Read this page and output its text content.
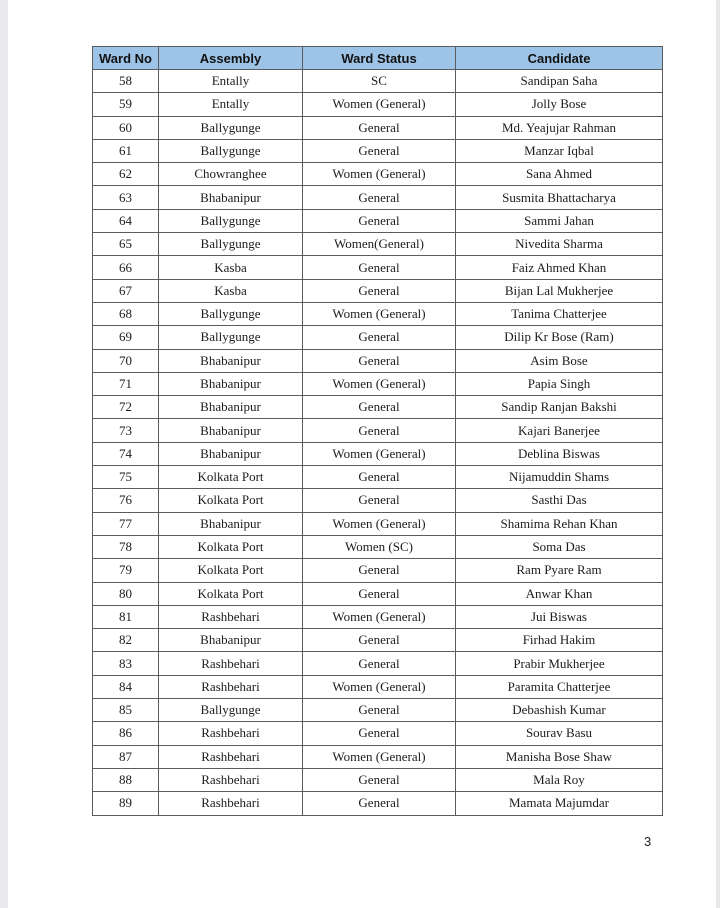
Ward No	Assembly	Ward Status	Candidate
58	Entally	SC	Sandipan Saha
59	Entally	Women (General)	Jolly Bose
60	Ballygunge	General	Md. Yeajujar Rahman
61	Ballygunge	General	Manzar Iqbal
62	Chowranghee	Women (General)	Sana Ahmed
63	Bhabanipur	General	Susmita Bhattacharya
64	Ballygunge	General	Sammi Jahan
65	Ballygunge	Women(General)	Nivedita Sharma
66	Kasba	General	Faiz Ahmed Khan
67	Kasba	General	Bijan Lal Mukherjee
68	Ballygunge	Women (General)	Tanima Chatterjee
69	Ballygunge	General	Dilip Kr Bose (Ram)
70	Bhabanipur	General	Asim Bose
71	Bhabanipur	Women (General)	Papia Singh
72	Bhabanipur	General	Sandip Ranjan Bakshi
73	Bhabanipur	General	Kajari Banerjee
74	Bhabanipur	Women (General)	Deblina Biswas
75	Kolkata Port	General	Nijamuddin Shams
76	Kolkata Port	General	Sasthi Das
77	Bhabanipur	Women (General)	Shamima Rehan Khan
78	Kolkata Port	Women (SC)	Soma Das
79	Kolkata Port	General	Ram Pyare Ram
80	Kolkata Port	General	Anwar Khan
81	Rashbehari	Women (General)	Jui Biswas
82	Bhabanipur	General	Firhad Hakim
83	Rashbehari	General	Prabir Mukherjee
84	Rashbehari	Women (General)	Paramita Chatterjee
85	Ballygunge	General	Debashish Kumar
86	Rashbehari	General	Sourav Basu
87	Rashbehari	Women (General)	Manisha Bose Shaw
88	Rashbehari	General	Mala Roy
89	Rashbehari	General	Mamata Majumdar
3
